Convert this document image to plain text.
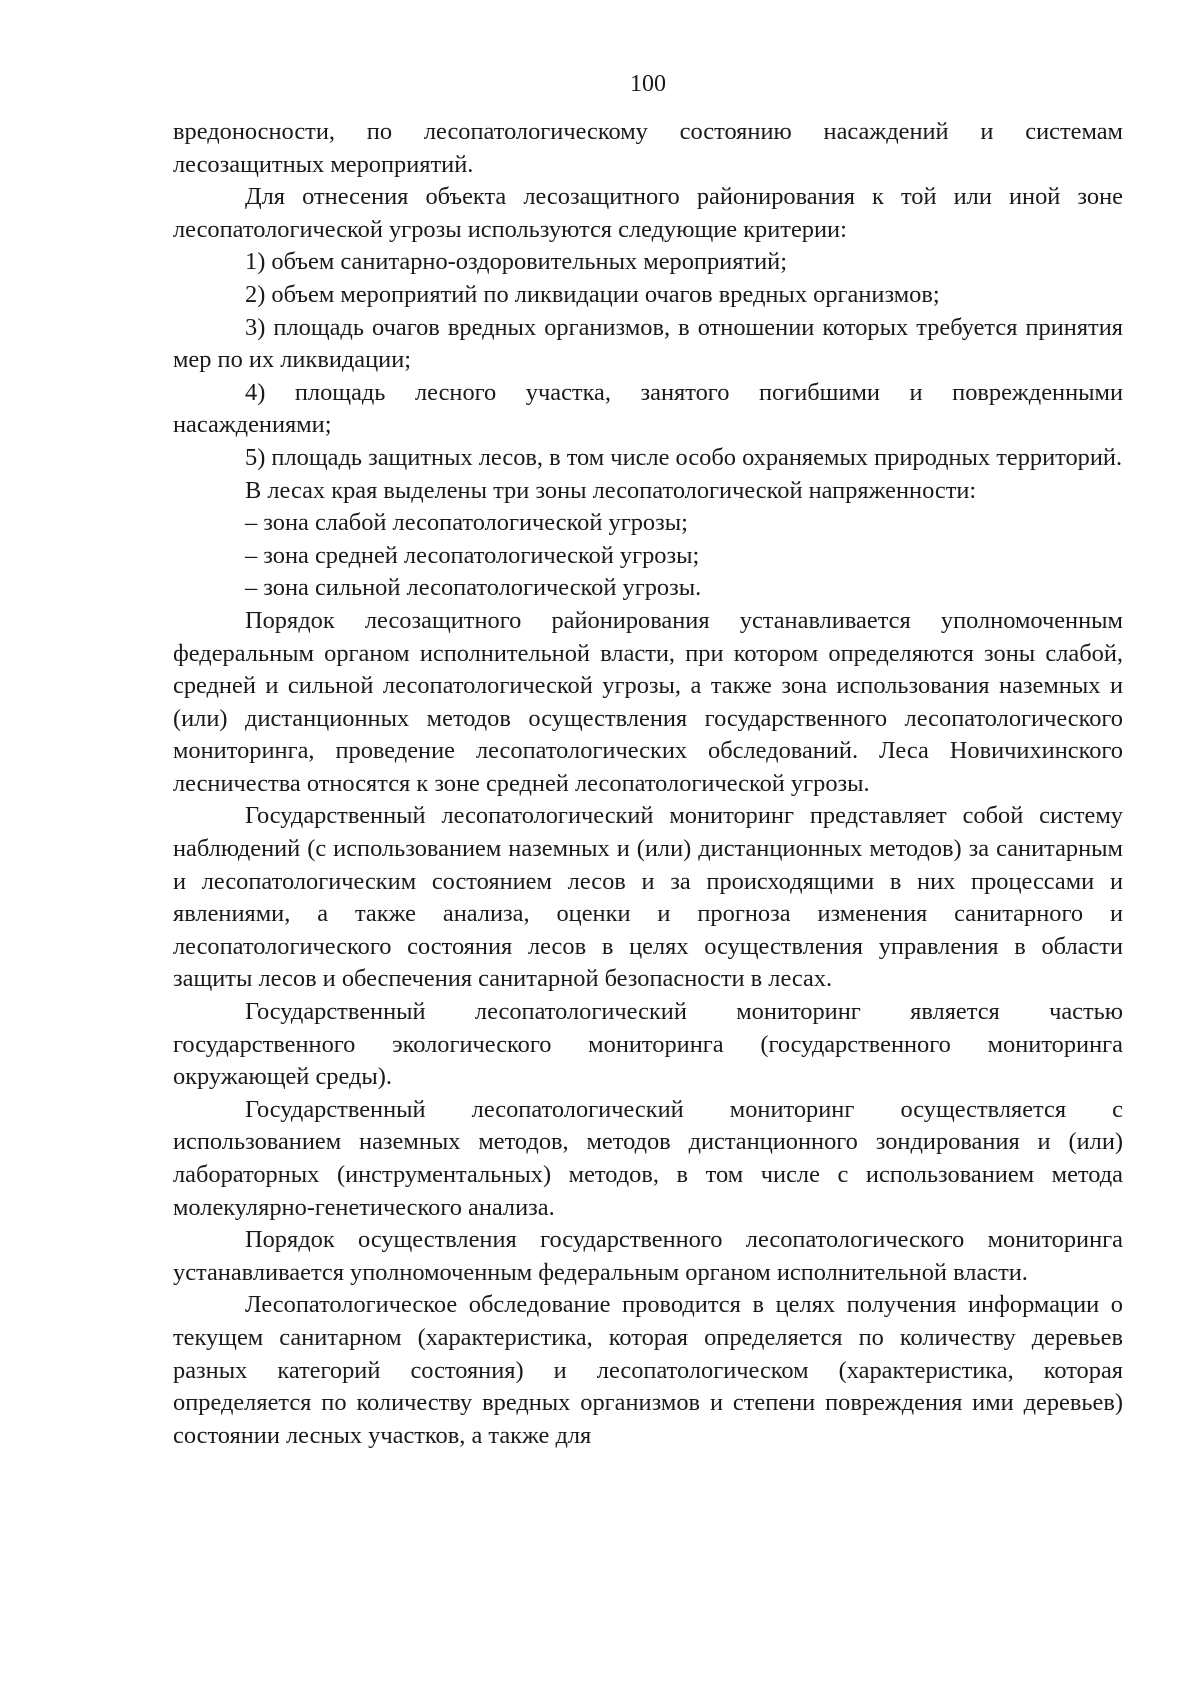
100

вредоносности, по лесопатологическому состоянию насаждений и системам лесозащитных мероприятий.

Для отнесения объекта лесозащитного районирования к той или иной зоне лесопатологической угрозы используются следующие критерии:

1) объем санитарно-оздоровительных мероприятий;

2) объем мероприятий по ликвидации очагов вредных организмов;

3) площадь очагов вредных организмов, в отношении которых требуется принятия мер по их ликвидации;

4) площадь лесного участка, занятого погибшими и поврежденными насаждениями;

5) площадь защитных лесов, в том числе особо охраняемых природных территорий.

В лесах края выделены три зоны лесопатологической напряженности:

– зона слабой лесопатологической угрозы;

– зона средней лесопатологической угрозы;

– зона сильной лесопатологической угрозы.

Порядок лесозащитного районирования устанавливается уполномоченным федеральным органом исполнительной власти, при котором определяются зоны слабой, средней и сильной лесопатологической угрозы, а также зона использования наземных и (или) дистанционных методов осуществления государственного лесопатологического мониторинга, проведение лесопатологических обследований. Леса Новичихинского лесничества относятся к зоне средней лесопатологической угрозы.

Государственный лесопатологический мониторинг представляет собой систему наблюдений (с использованием наземных и (или) дистанционных методов) за санитарным и лесопатологическим состоянием лесов и за происходящими в них процессами и явлениями, а также анализа, оценки и прогноза изменения санитарного и лесопатологического состояния лесов в целях осуществления управления в области защиты лесов и обеспечения санитарной безопасности в лесах.

Государственный лесопатологический мониторинг является частью государственного экологического мониторинга (государственного мониторинга окружающей среды).

Государственный лесопатологический мониторинг осуществляется с использованием наземных методов, методов дистанционного зондирования и (или) лабораторных (инструментальных) методов, в том числе с использованием метода молекулярно-генетического анализа.

Порядок осуществления государственного лесопатологического мониторинга устанавливается уполномоченным федеральным органом исполнительной власти.

Лесопатологическое обследование проводится в целях получения информации о текущем санитарном (характеристика, которая определяется по количеству деревьев разных категорий состояния) и лесопатологическом (характеристика, которая определяется по количеству вредных организмов и степени повреждения ими деревьев) состоянии лесных участков, а также для
